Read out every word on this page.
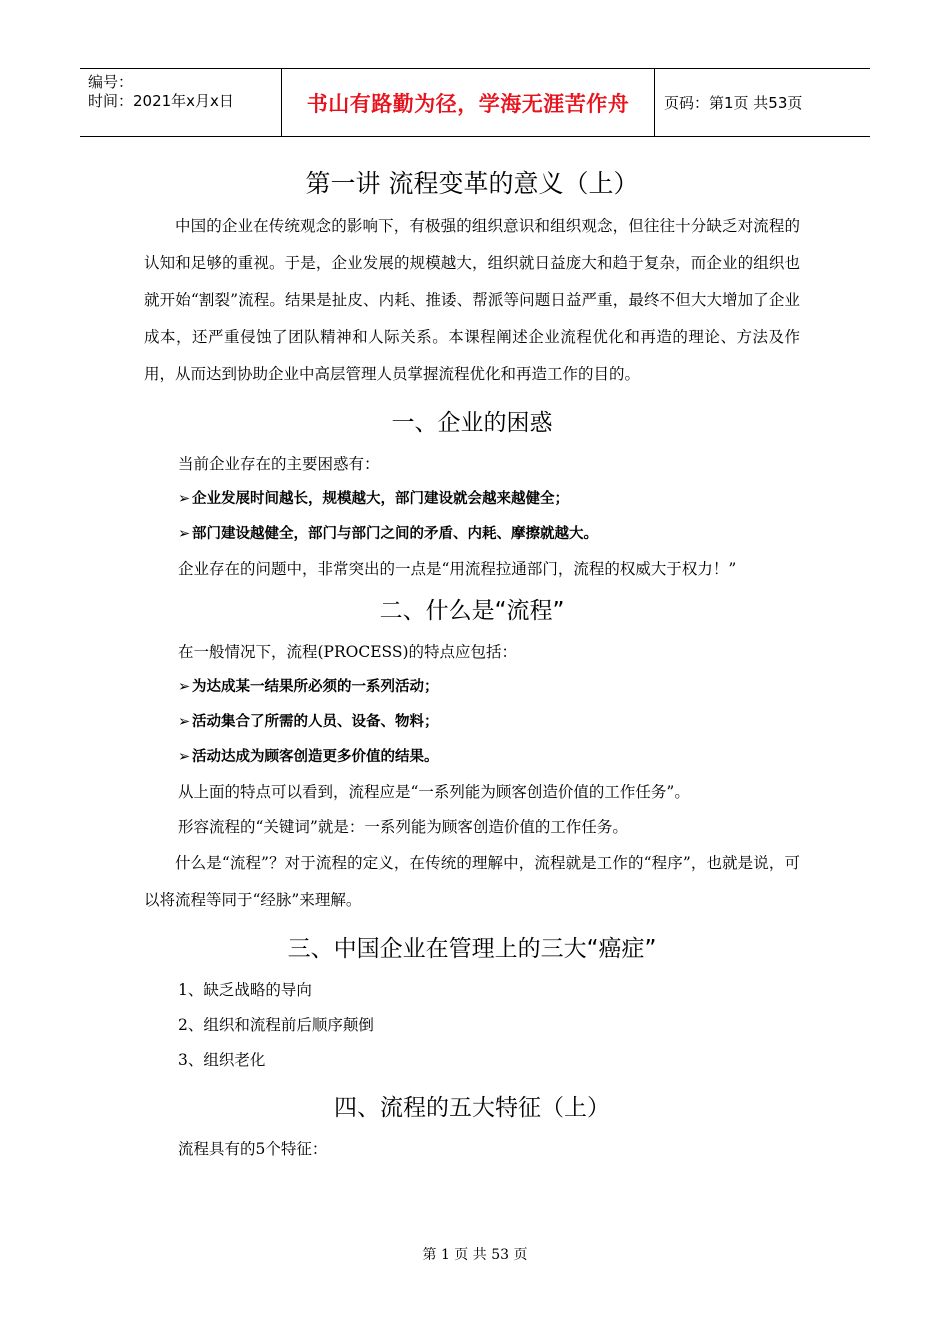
编号：
时间：2021年x月x日	书山有路勤为径，学海无涯苦作舟 页码：第1页 共53页
第一讲 流程变革的意义（上）

中国的企业在传统观念的影响下，有极强的组织意识和组织观念，但往往十分缺乏对流程的认知和足够的重视。于是，企业发展的规模越大，组织就日益庞大和趋于复杂，而企业的组织也就开始“割裂”流程。结果是扯皮、内耗、推诿、帮派等问题日益严重，最终不但大大增加了企业成本，还严重侵蚀了团队精神和人际关系。本课程阐述企业流程优化和再造的理论、方法及作用，从而达到协助企业中高层管理人员掌握流程优化和再造工作的目的。

一、企业的困惑

当前企业存在的主要困惑有：

➢ 企业发展时间越长，规模越大，部门建设就会越来越健全；

➢ 部门建设越健全，部门与部门之间的矛盾、内耗、摩擦就越大。

企业存在的问题中，非常突出的一点是“用流程拉通部门，流程的权威大于权力！”

二、什么是“流程”

在一般情况下，流程(PROCESS)的特点应包括：

➢ 为达成某一结果所必须的一系列活动；

➢ 活动集合了所需的人员、设备、物料；

➢ 活动达成为顾客创造更多价值的结果。

从上面的特点可以看到，流程应是“一系列能为顾客创造价值的工作任务”。

形容流程的“关键词”就是：一系列能为顾客创造价值的工作任务。

什么是“流程”？对于流程的定义，在传统的理解中，流程就是工作的“程序”，也就是说，可以将流程等同于“经脉”来理解。

三、中国企业在管理上的三大“癌症”

1、缺乏战略的导向

2、组织和流程前后顺序颠倒

3、组织老化

四、流程的五大特征（上）

流程具有的5个特征：

第 1 页 共 53 页
